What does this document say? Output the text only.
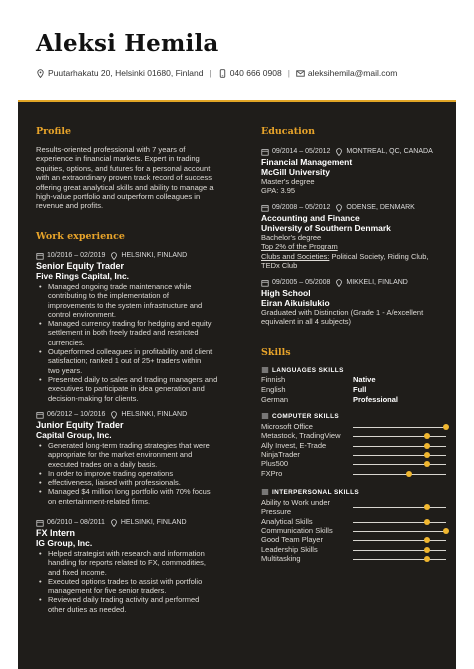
Aleksi Hemila
Puutarhakatu 20, Helsinki 01680, Finland | 040 666 0908 | aleksihemila@mail.com
Profile
Results-oriented professional with 7 years of
experience in financial markets. Expert in trading
equities, options, and futures for a personal account
with an extraordinary proven track record of success
offering great analytical skills and ability to manage a
high-value portfolio and outperform colleagues in
revenue and profits.
Work experience
10/2016 – 02/2019 HELSINKI, FINLAND
Senior Equity Trader
Five Rings Capital, Inc.
• Managed ongoing trade maintenance while
contributing to the implementation of
improvements to the system infrastructure and
control environment.
• Managed currency trading for hedging and equity
settlement in both freely traded and restricted
currencies.
• Outperformed colleagues in profitability and client
satisfaction; ranked 1 out of 25+ traders within
two years.
• Presented daily to sales and trading managers and
executives to participate in idea generation and
decision-making for clients.
06/2012 – 10/2016 HELSINKI, FINLAND
Junior Equity Trader
Capital Group, Inc.
• Generated long-term trading strategies that were
appropriate for the market environment and
executed trades on a daily basis.
• In order to improve trading operations
• effectiveness, liaised with professionals.
• Managed $4 million long portfolio with 70% focus
on entertainment-related firms.
06/2010 – 08/2011 HELSINKI, FINLAND
FX Intern
IG Group, Inc.
• Helped strategist with research and information
handling for reports related to FX, commodities,
and fixed income.
• Executed options trades to assist with portfolio
management for five senior traders.
• Reviewed daily trading activity and performed
other duties as needed.
Education
09/2014 – 05/2012 MONTREAL, QC, CANADA
Financial Management
McGill University
Master's degree
GPA: 3.95
09/2008 – 05/2012 ODENSE, DENMARK
Accounting and Finance
University of Southern Denmark
Bachelor's degree
Top 2% of the Program
Clubs and Societies: Political Society, Riding Club,
TEDx Club
09/2005 – 05/2008 MIKKELI, FINLAND
High School
Eiran Aikuislukio
Graduated with Distinction (Grade 1 - A/excellent
equivalent in all 4 subjects)
Skills
LANGUAGES SKILLS
Finnish	Native
English	Full
German	Professional
COMPUTER SKILLS
Microsoft Office
Metastock, TradingView
Ally Invest, E-Trade
NinjaTrader
Plus500
FXPro
INTERPERSONAL SKILLS
Ability to Work under
Pressure
Analytical Skills
Communication Skills
Good Team Player
Leadership Skills
Multitasking
